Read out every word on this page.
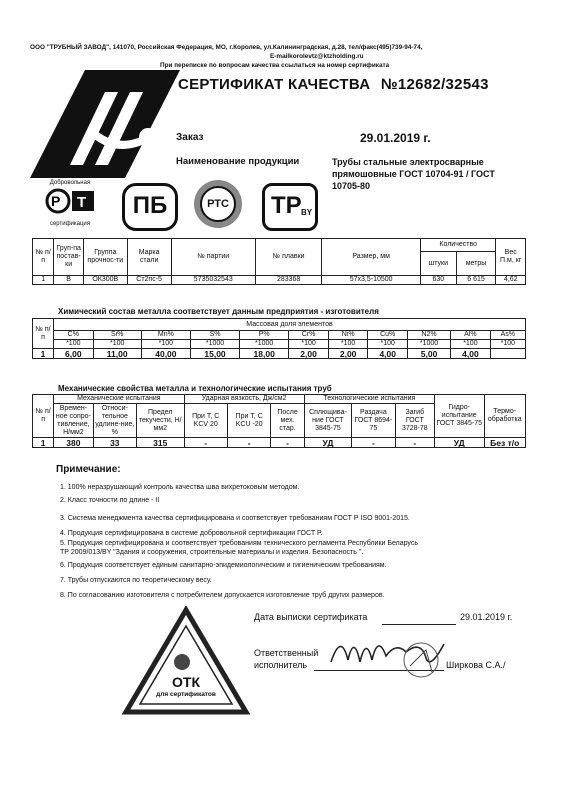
ООО "ТРУБНЫЙ ЗАВОД", 141070, Российская Федерация, МО, г.Королев, ул.Калининградская, д.28, тел/факс(495)739-94-74,
E-mailkorolevtz@ktzholding.ru
При переписке по вопросам качества ссылаться на номер сертификата
СЕРТИФИКАТ КАЧЕСТВА №12682/32543
Заказ	29.01.2019 г.
Наименование продукции	Трубы стальные электросварные
прямошовные ГОСТ 10704-91 / ГОСТ
10705-80
Добровольная
P T
сертификация
ПБ	РТС	TP BY
№ п/п	Груп-па постав-ки	Группа прочнос-ти	Марка стали	№ партии	№ плавки	Размер, мм	Количество		Вес П.м, кг
							штуки	метры	
1	В	ОК300В	Ст2пс-5	5735032543	283368	57x3,5-10500	630	6 615	4,62
Химический состав металла соответствует данным предприятия - изготовителя
№ п/п	Массовая доля элементов										
	C%	Si%	Mn%	S%	P%	Cr%	Ni%	Cu%	N2%	Al%	As%
	*100	*100	*100	*1000	*1000	*100	*100	*100	*1000	*100	*100
1	6,00	11,00	40,00	15,00	18,00	2,00	2,00	4,00	5,00	4,00	
Механические свойства металла и технологические испытания труб
№ п/п	Механические испытания			Ударная вязкость, Дж/см2			Технологические испытания			Гидро-испытание ГОСТ 3845-75	Термо-обработка
	Времен-ное сопро-тивление, Н/мм2	Относи-тельное удлине-ние, %	Предел текучести, Н/мм2	При Т, С KCV 20	При Т, С KCU -20	После мех. стар.	Сплющива-ние ГОСТ 3845-75	Раздача ГОСТ 8694-75	Загиб ГОСТ 3728-78		
1	380	33	315	-	-	-	УД	-	-	УД	Без т/о
Примечание:
1. 100% неразрушающий контроль качества шва вихретоковым методом.
2. Класс точности по длине - II
3. Система менеджмента качества сертифицирована и соответствует требованиям ГОСТ Р ISO 9001-2015.
4. Продукция сертифицирована в системе добровольной сертификации ГОСТ Р.
5. Продукция сертифицирована и соответствует требованиям технического регламента Республики Беларусь
ТР 2009/013/BY "Здания и сооружения, строительные материалы и изделия. Безопасность ".
6. Продукция соответствует единым санитарно-эпидемиологическим и гигиеническим требованиям.
7. Трубы отпускаются по теоретическому весу.
8. По согласованию изготовителя с потребителем допускается изготовление труб других размеров.
Дата выписки сертификата	29.01.2019 г.
Ответственный
исполнитель	Ширкова С.А./
ОТК
для сертификатов
